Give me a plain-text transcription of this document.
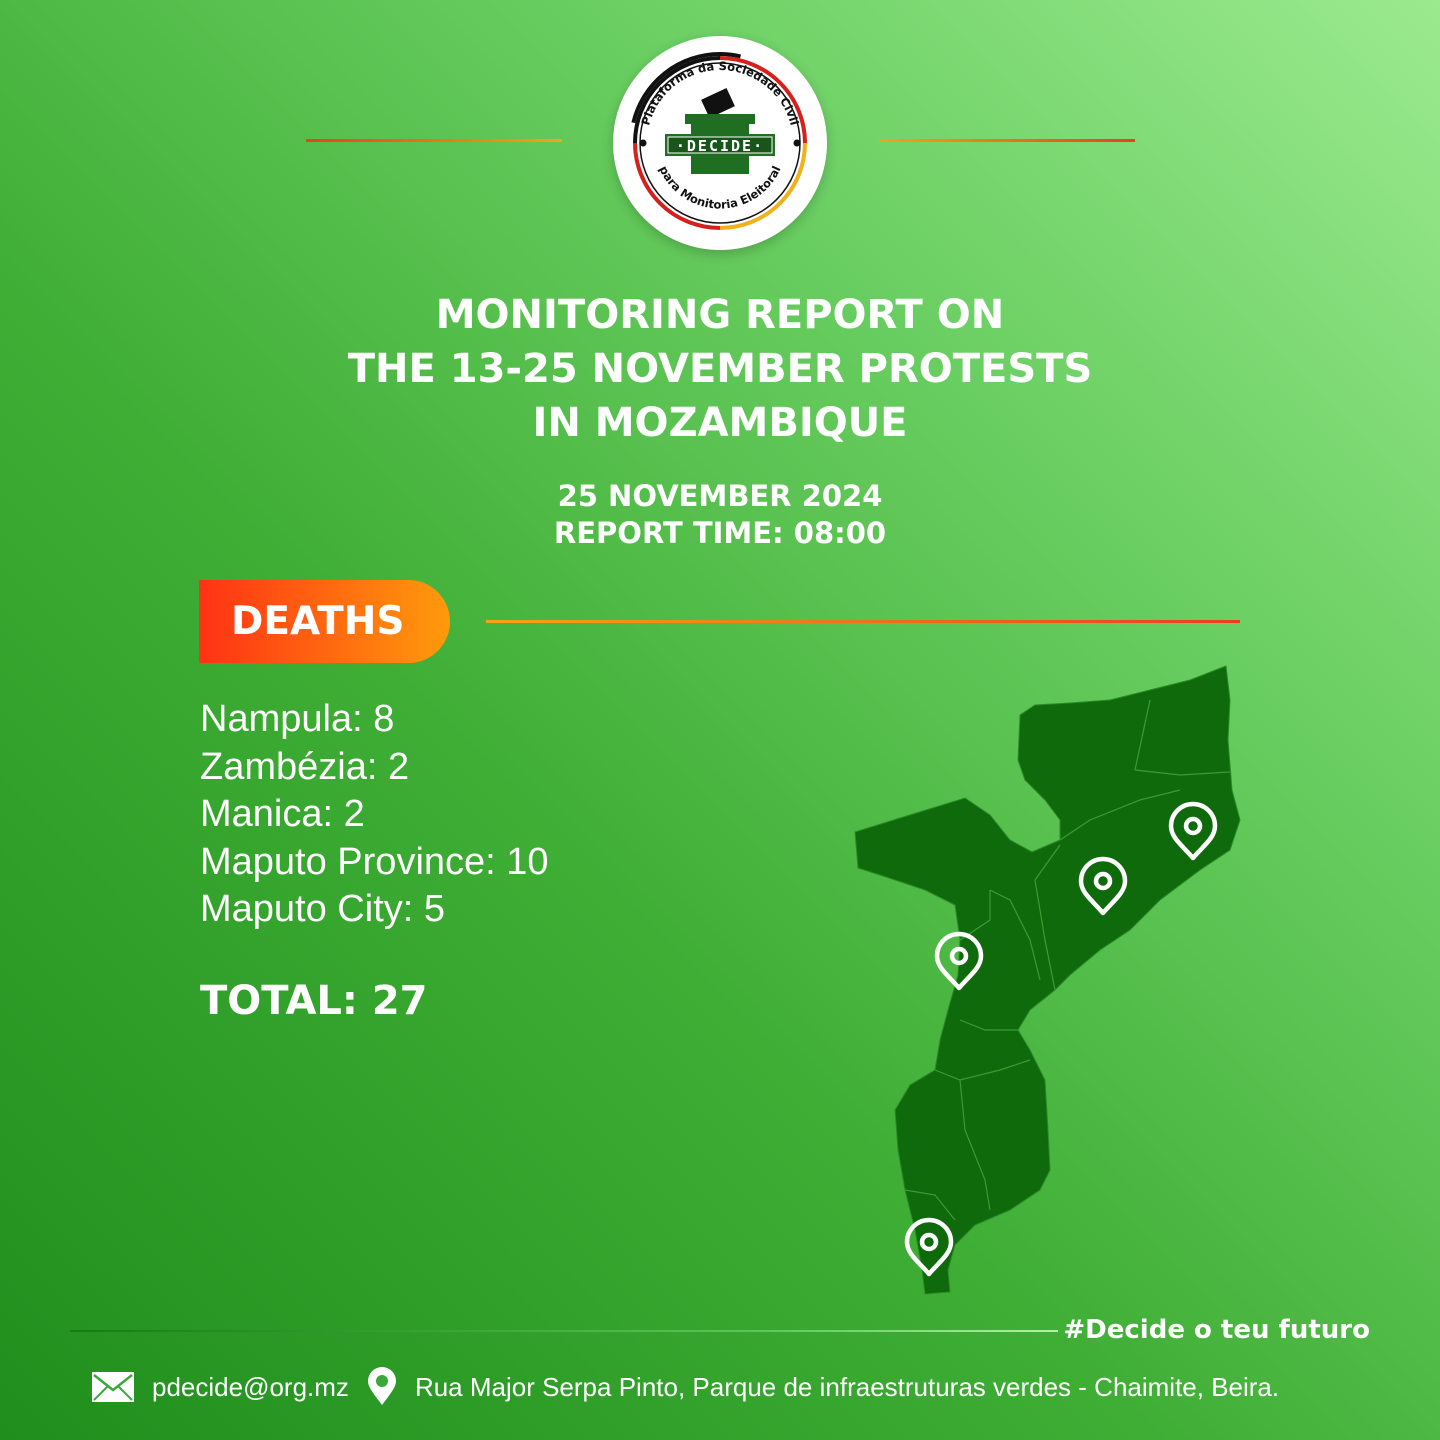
·DECIDE·
Plataforma da Sociedade Civil
para Monitoria Eleitoral
MONITORING REPORT ON
THE 13-25 NOVEMBER PROTESTS
IN MOZAMBIQUE
25 NOVEMBER 2024
REPORT TIME: 08:00
DEATHS
Nampula: 8
Zambézia: 2
Manica: 2
Maputo Province: 10
Maputo City: 5
TOTAL: 27
#Decide o teu futuro
pdecide@org.mz	Rua Major Serpa Pinto, Parque de infraestruturas verdes - Chaimite, Beira.
